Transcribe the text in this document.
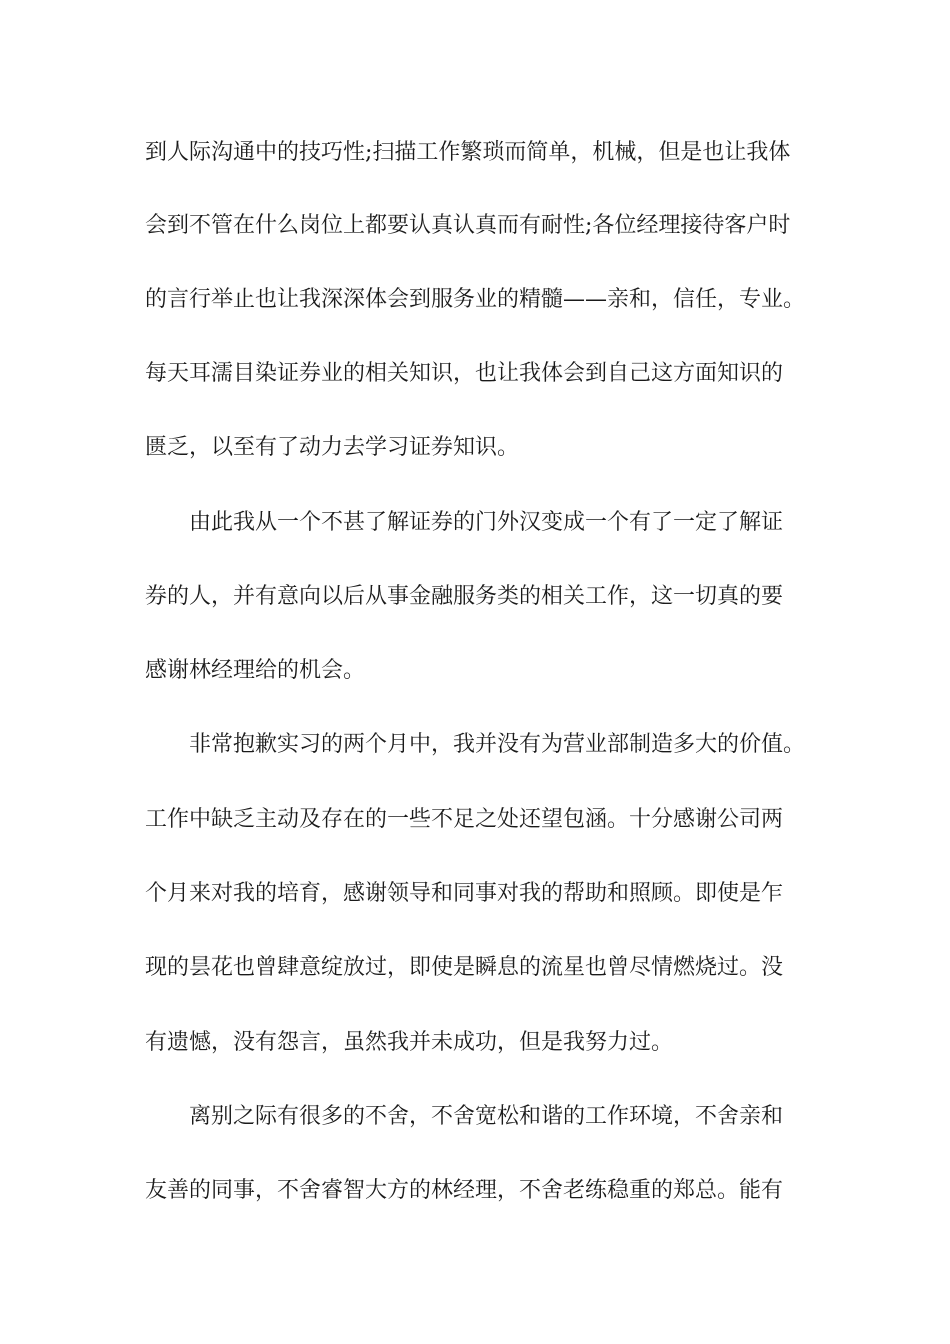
到人际沟通中的技巧性;扫描工作繁琐而简单，机械，但是也让我体
会到不管在什么岗位上都要认真认真而有耐性;各位经理接待客户时
的言行举止也让我深深体会到服务业的精髓——亲和，信任，专业。
每天耳濡目染证券业的相关知识，也让我体会到自己这方面知识的
匮乏，以至有了动力去学习证券知识。
由此我从一个不甚了解证券的门外汉变成一个有了一定了解证
券的人，并有意向以后从事金融服务类的相关工作，这一切真的要
感谢林经理给的机会。
非常抱歉实习的两个月中，我并没有为营业部制造多大的价值。
工作中缺乏主动及存在的一些不足之处还望包涵。十分感谢公司两
个月来对我的培育，感谢领导和同事对我的帮助和照顾。即使是乍
现的昙花也曾肆意绽放过，即使是瞬息的流星也曾尽情燃烧过。没
有遗憾，没有怨言，虽然我并未成功，但是我努力过。
离别之际有很多的不舍，不舍宽松和谐的工作环境，不舍亲和
友善的同事，不舍睿智大方的林经理，不舍老练稳重的郑总。能有
